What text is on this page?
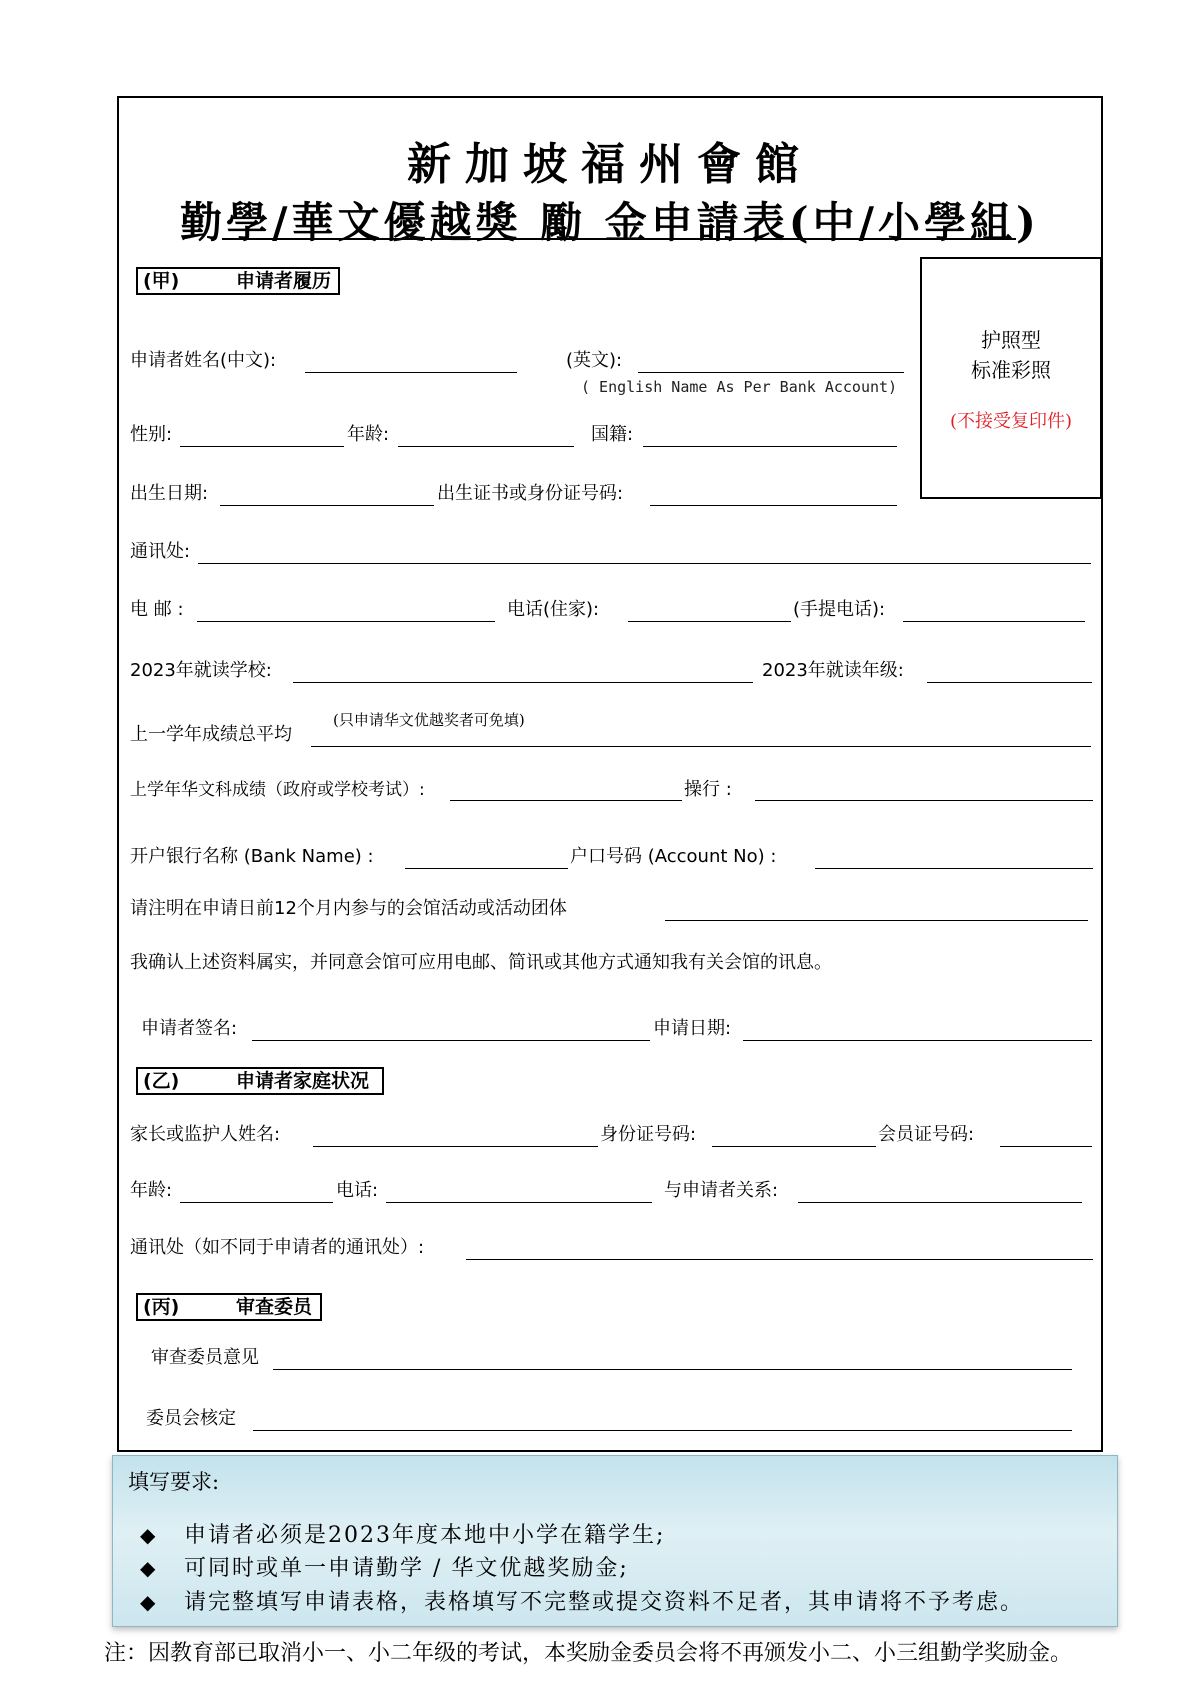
新加坡福州會館
勤學/華文優越獎 勵 金申請表(中/小學組)
护照型
标准彩照
(不接受复印件)
(甲)	申请者履历
申请者姓名(中文):	(英文):
( English Name As Per Bank Account)
性别:	年龄:	国籍:
出生日期:	出生证书或身份证号码:
通讯处:
电 邮 :	电话(住家):	(手提电话):
2023年就读学校:	2023年就读年级:
(只申请华文优越奖者可免填)
上一学年成绩总平均
上学年华文科成绩（政府或学校考试）:	操行 :
开户银行名称 (Bank Name) :	户口号码 (Account No) :
请注明在申请日前12个月内参与的会馆活动或活动团体
我确认上述资料属实，并同意会馆可应用电邮、简讯或其他方式通知我有关会馆的讯息。
申请者签名:	申请日期:
(乙)	申请者家庭状况
家长或监护人姓名:	身份证号码:	会员证号码:
年龄:	电话:	与申请者关系:
通讯处（如不同于申请者的通讯处）:
(丙)	审查委员
审查委员意见
委员会核定
填写要求:
◆ 申请者必须是2023年度本地中小学在籍学生;
◆ 可同时或单一申请勤学 / 华文优越奖励金;
◆ 请完整填写申请表格，表格填写不完整或提交资料不足者，其申请将不予考虑。
注：因教育部已取消小一、小二年级的考试，本奖励金委员会将不再颁发小二、小三组勤学奖励金。
